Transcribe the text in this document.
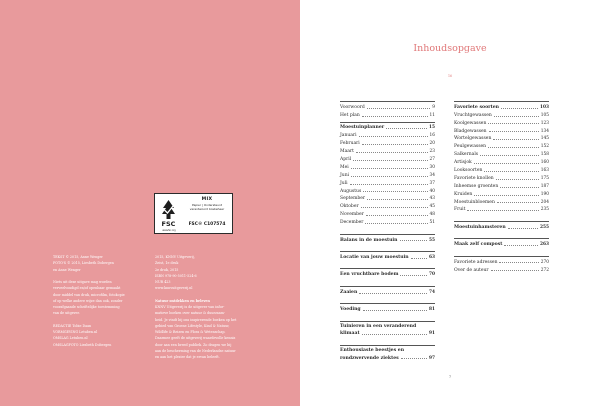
FSC
MIX
Papier | Ondersteunt
verantwoord bosbeheer
FSC® C107574
www.fsc.org
TEKST © 2015, Anne Wenger
FOTO'S © 2015, Liesbeth Dobergen
en Anne Wenger
Niets uit deze uitgave mag worden
verveelvoudigd en/of openbaar gemaakt
door middel van druk, microfilm, fotokopie
of op welke andere wijze dan ook, zonder
voorafgaande schriftelijke toestemming
van de uitgever.
REDACTIE Tobie Daan
VORMGEVING Letuben.nl
OMSLAG Letuben.nl
OMSLAGFOTO Liesbeth Dobergen
2015, KNNV Uitgeverij,
Zeist, 1e druk
2e druk, 2015
ISBN 978-90-5011-524-6
NUR 423
www.knnvuitgeverij.nl
Natuur ontdekken en beleven
KNNV Uitgeverij is de uitgever van infor-
matieve boeken over natuur & duurzaam-
heid. Je vindt bij ons inspirerende boeken op het
gebied van Groene Lifestyle, Kind & Natuur,
Wildlife & Reizen en Flora & Wetenschap.
Daarmee geeft de uitgeverij waardevolle kennis
door aan een breed publiek. Zo dragen we bij
aan de bescherming van de Nederlandse natuur
en aan het plezier dat je ervan beleeft.
Inhoudsopgave
16
Voorwoord	9
Het plan	11
Moestuinplanner	15
Januari	16
Februari	20
Maart	23
April	27
Mei	30
Juni	34
Juli	37
Augustus	40
September	43
Oktober	45
November	48
December	51
Balans in de moestuin	55
Locatie van jouw moestuin	63
Een vruchtbare bodem	70
Zaaien	74
Voeding	81
Tuinieren in een veranderend
klimaat	91
Enthousiaste beestjes en
rondzwervende ziektes	97
Favoriete soorten	103
Vruchtgewassen	105
Koolgewassen	123
Bladgewassen	134
Wortelgewassen	145
Peulgewassen	152
Salkernals	158
Artisjok	160
Looksoorten	163
Favoriete knollen	175
Inheemse groenten	187
Kruiden	190
Moestuinbloemen	204
Fruit	235
Moestuinhamsteren	255
Maak zelf compost	263
Favoriete adressen	270
Over de auteur	272
7
